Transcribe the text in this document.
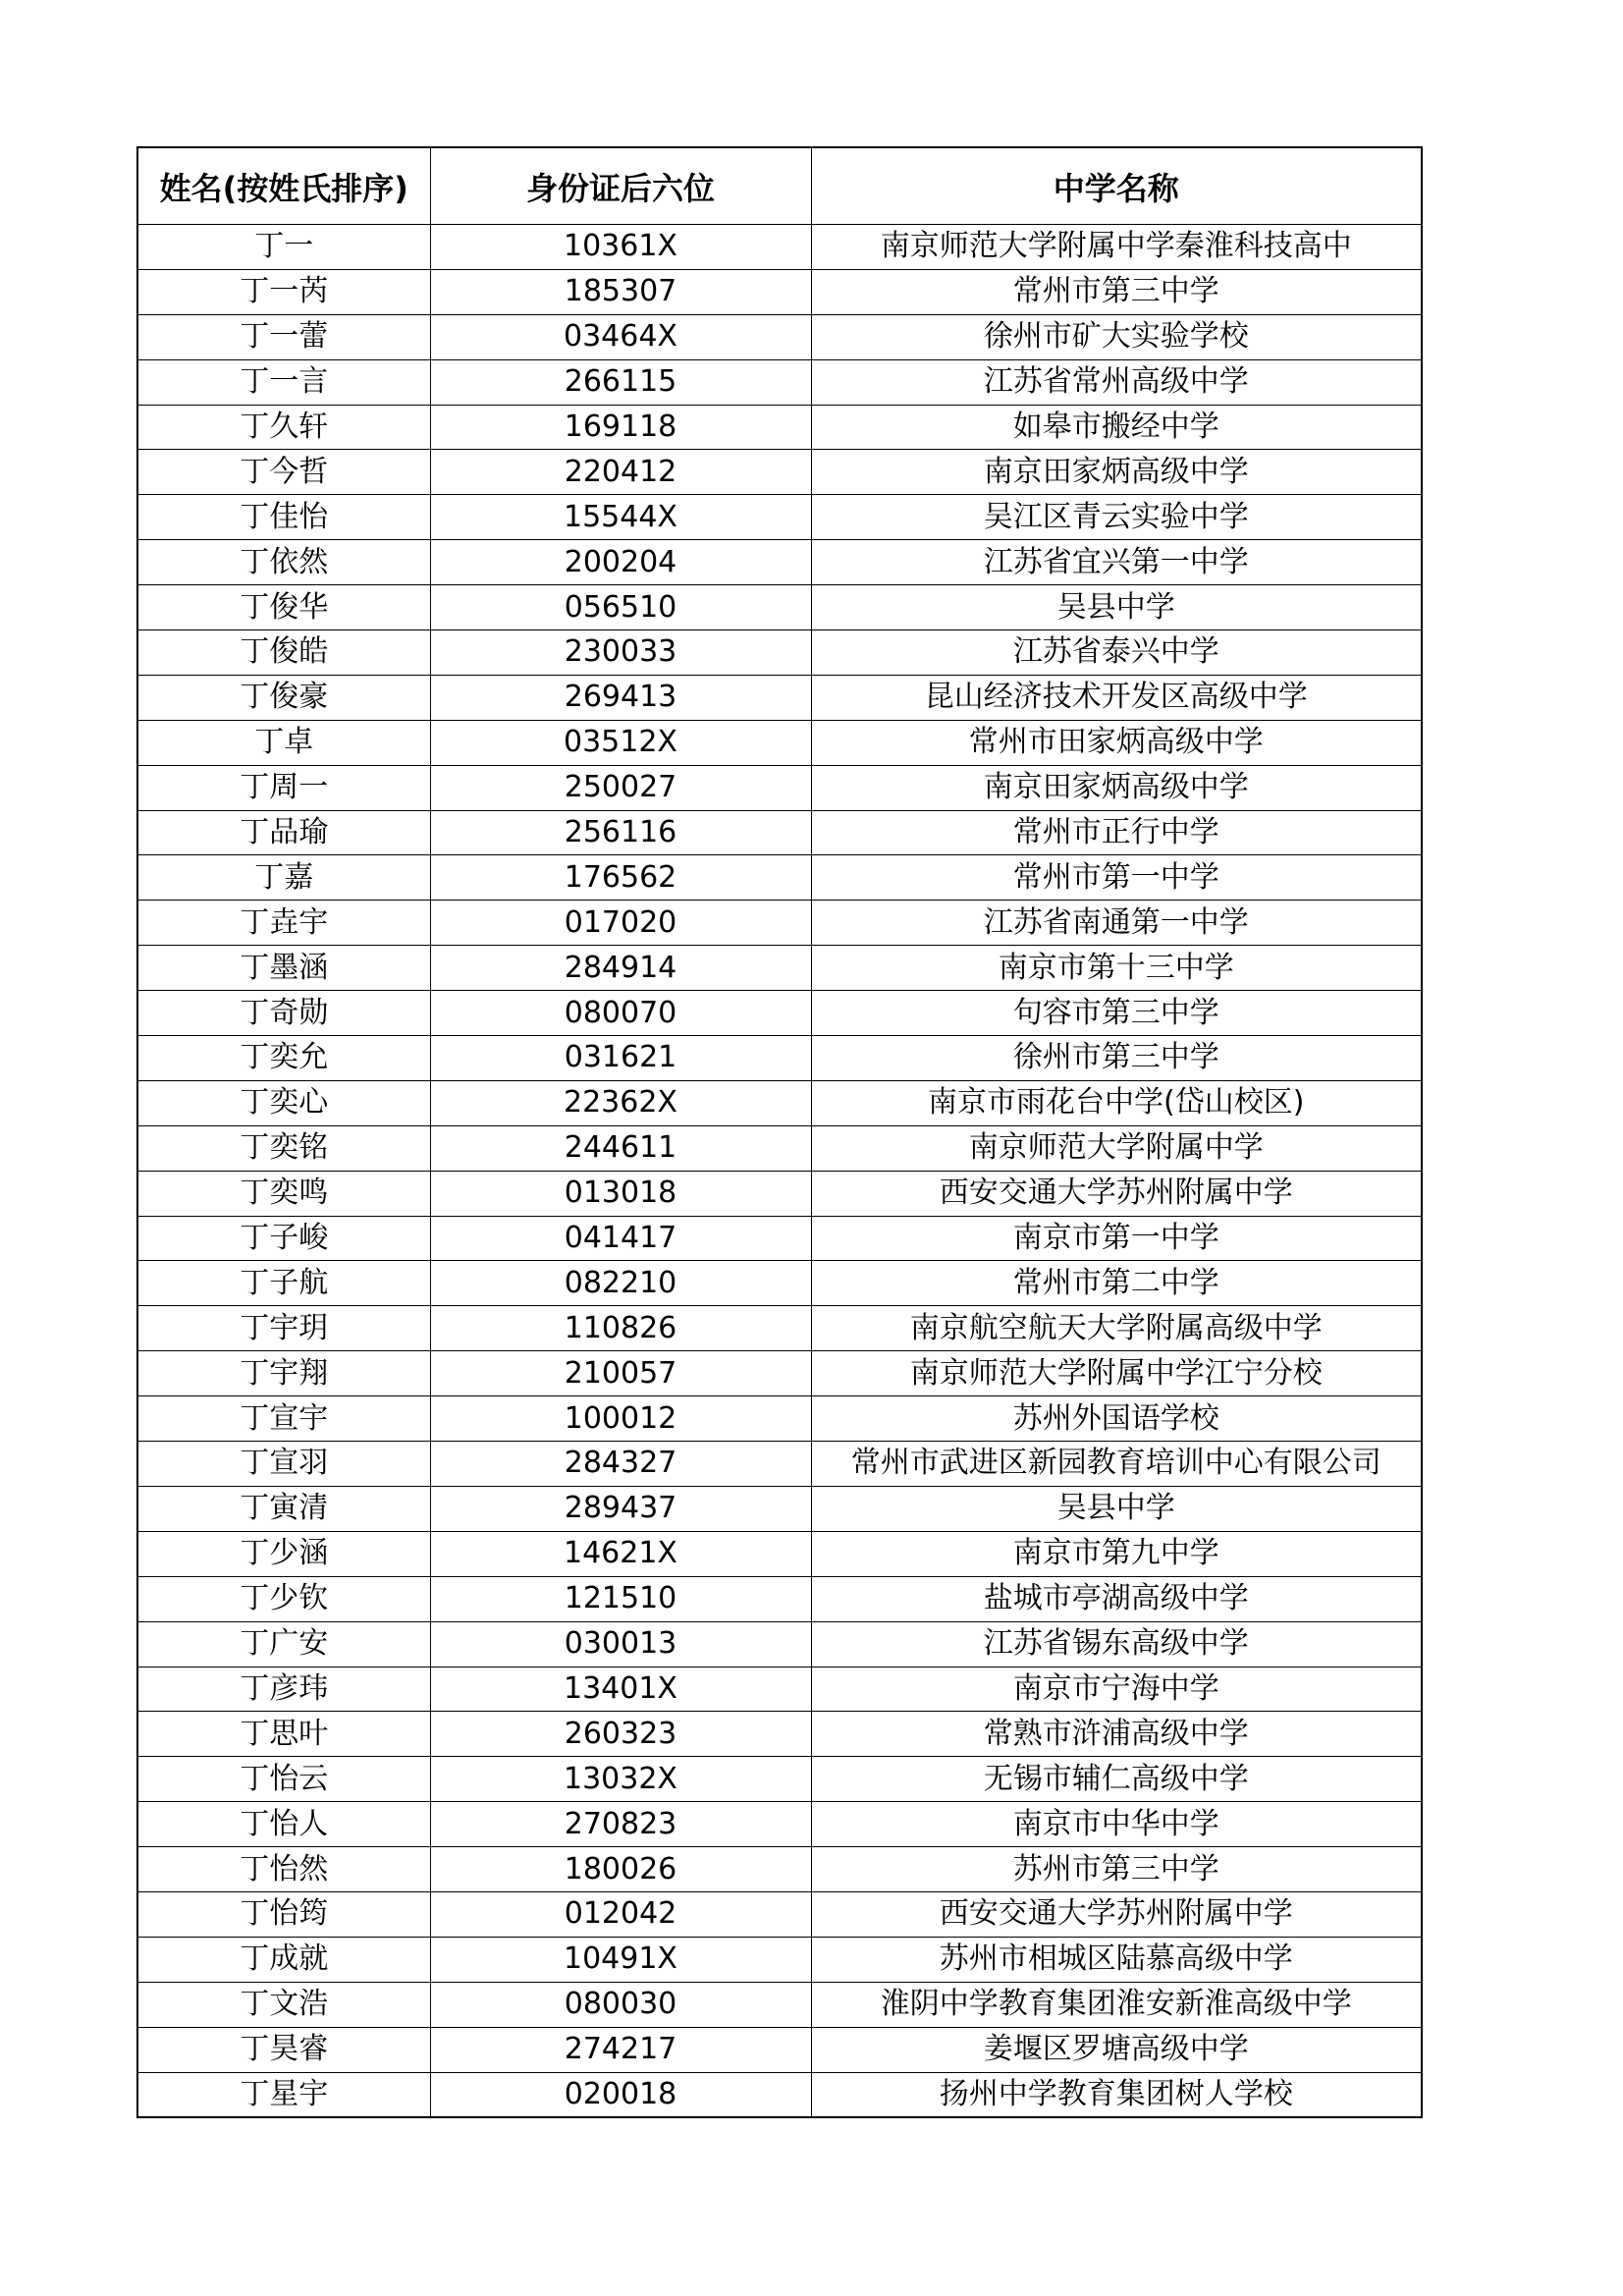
姓名(按姓氏排序)	身份证后六位	中学名称
丁一	10361X	南京师范大学附属中学秦淮科技高中
丁一芮	185307	常州市第三中学
丁一蕾	03464X	徐州市矿大实验学校
丁一言	266115	江苏省常州高级中学
丁久轩	169118	如皋市搬经中学
丁今哲	220412	南京田家炳高级中学
丁佳怡	15544X	吴江区青云实验中学
丁依然	200204	江苏省宜兴第一中学
丁俊华	056510	吴县中学
丁俊皓	230033	江苏省泰兴中学
丁俊豪	269413	昆山经济技术开发区高级中学
丁卓	03512X	常州市田家炳高级中学
丁周一	250027	南京田家炳高级中学
丁品瑜	256116	常州市正行中学
丁嘉	176562	常州市第一中学
丁垚宇	017020	江苏省南通第一中学
丁墨涵	284914	南京市第十三中学
丁奇勋	080070	句容市第三中学
丁奕允	031621	徐州市第三中学
丁奕心	22362X	南京市雨花台中学(岱山校区)
丁奕铭	244611	南京师范大学附属中学
丁奕鸣	013018	西安交通大学苏州附属中学
丁子峻	041417	南京市第一中学
丁子航	082210	常州市第二中学
丁宇玥	110826	南京航空航天大学附属高级中学
丁宇翔	210057	南京师范大学附属中学江宁分校
丁宣宇	100012	苏州外国语学校
丁宣羽	284327	常州市武进区新园教育培训中心有限公司
丁寅清	289437	吴县中学
丁少涵	14621X	南京市第九中学
丁少钦	121510	盐城市亭湖高级中学
丁广安	030013	江苏省锡东高级中学
丁彦玮	13401X	南京市宁海中学
丁思叶	260323	常熟市浒浦高级中学
丁怡云	13032X	无锡市辅仁高级中学
丁怡人	270823	南京市中华中学
丁怡然	180026	苏州市第三中学
丁怡筠	012042	西安交通大学苏州附属中学
丁成就	10491X	苏州市相城区陆慕高级中学
丁文浩	080030	淮阴中学教育集团淮安新淮高级中学
丁昊睿	274217	姜堰区罗塘高级中学
丁星宇	020018	扬州中学教育集团树人学校
